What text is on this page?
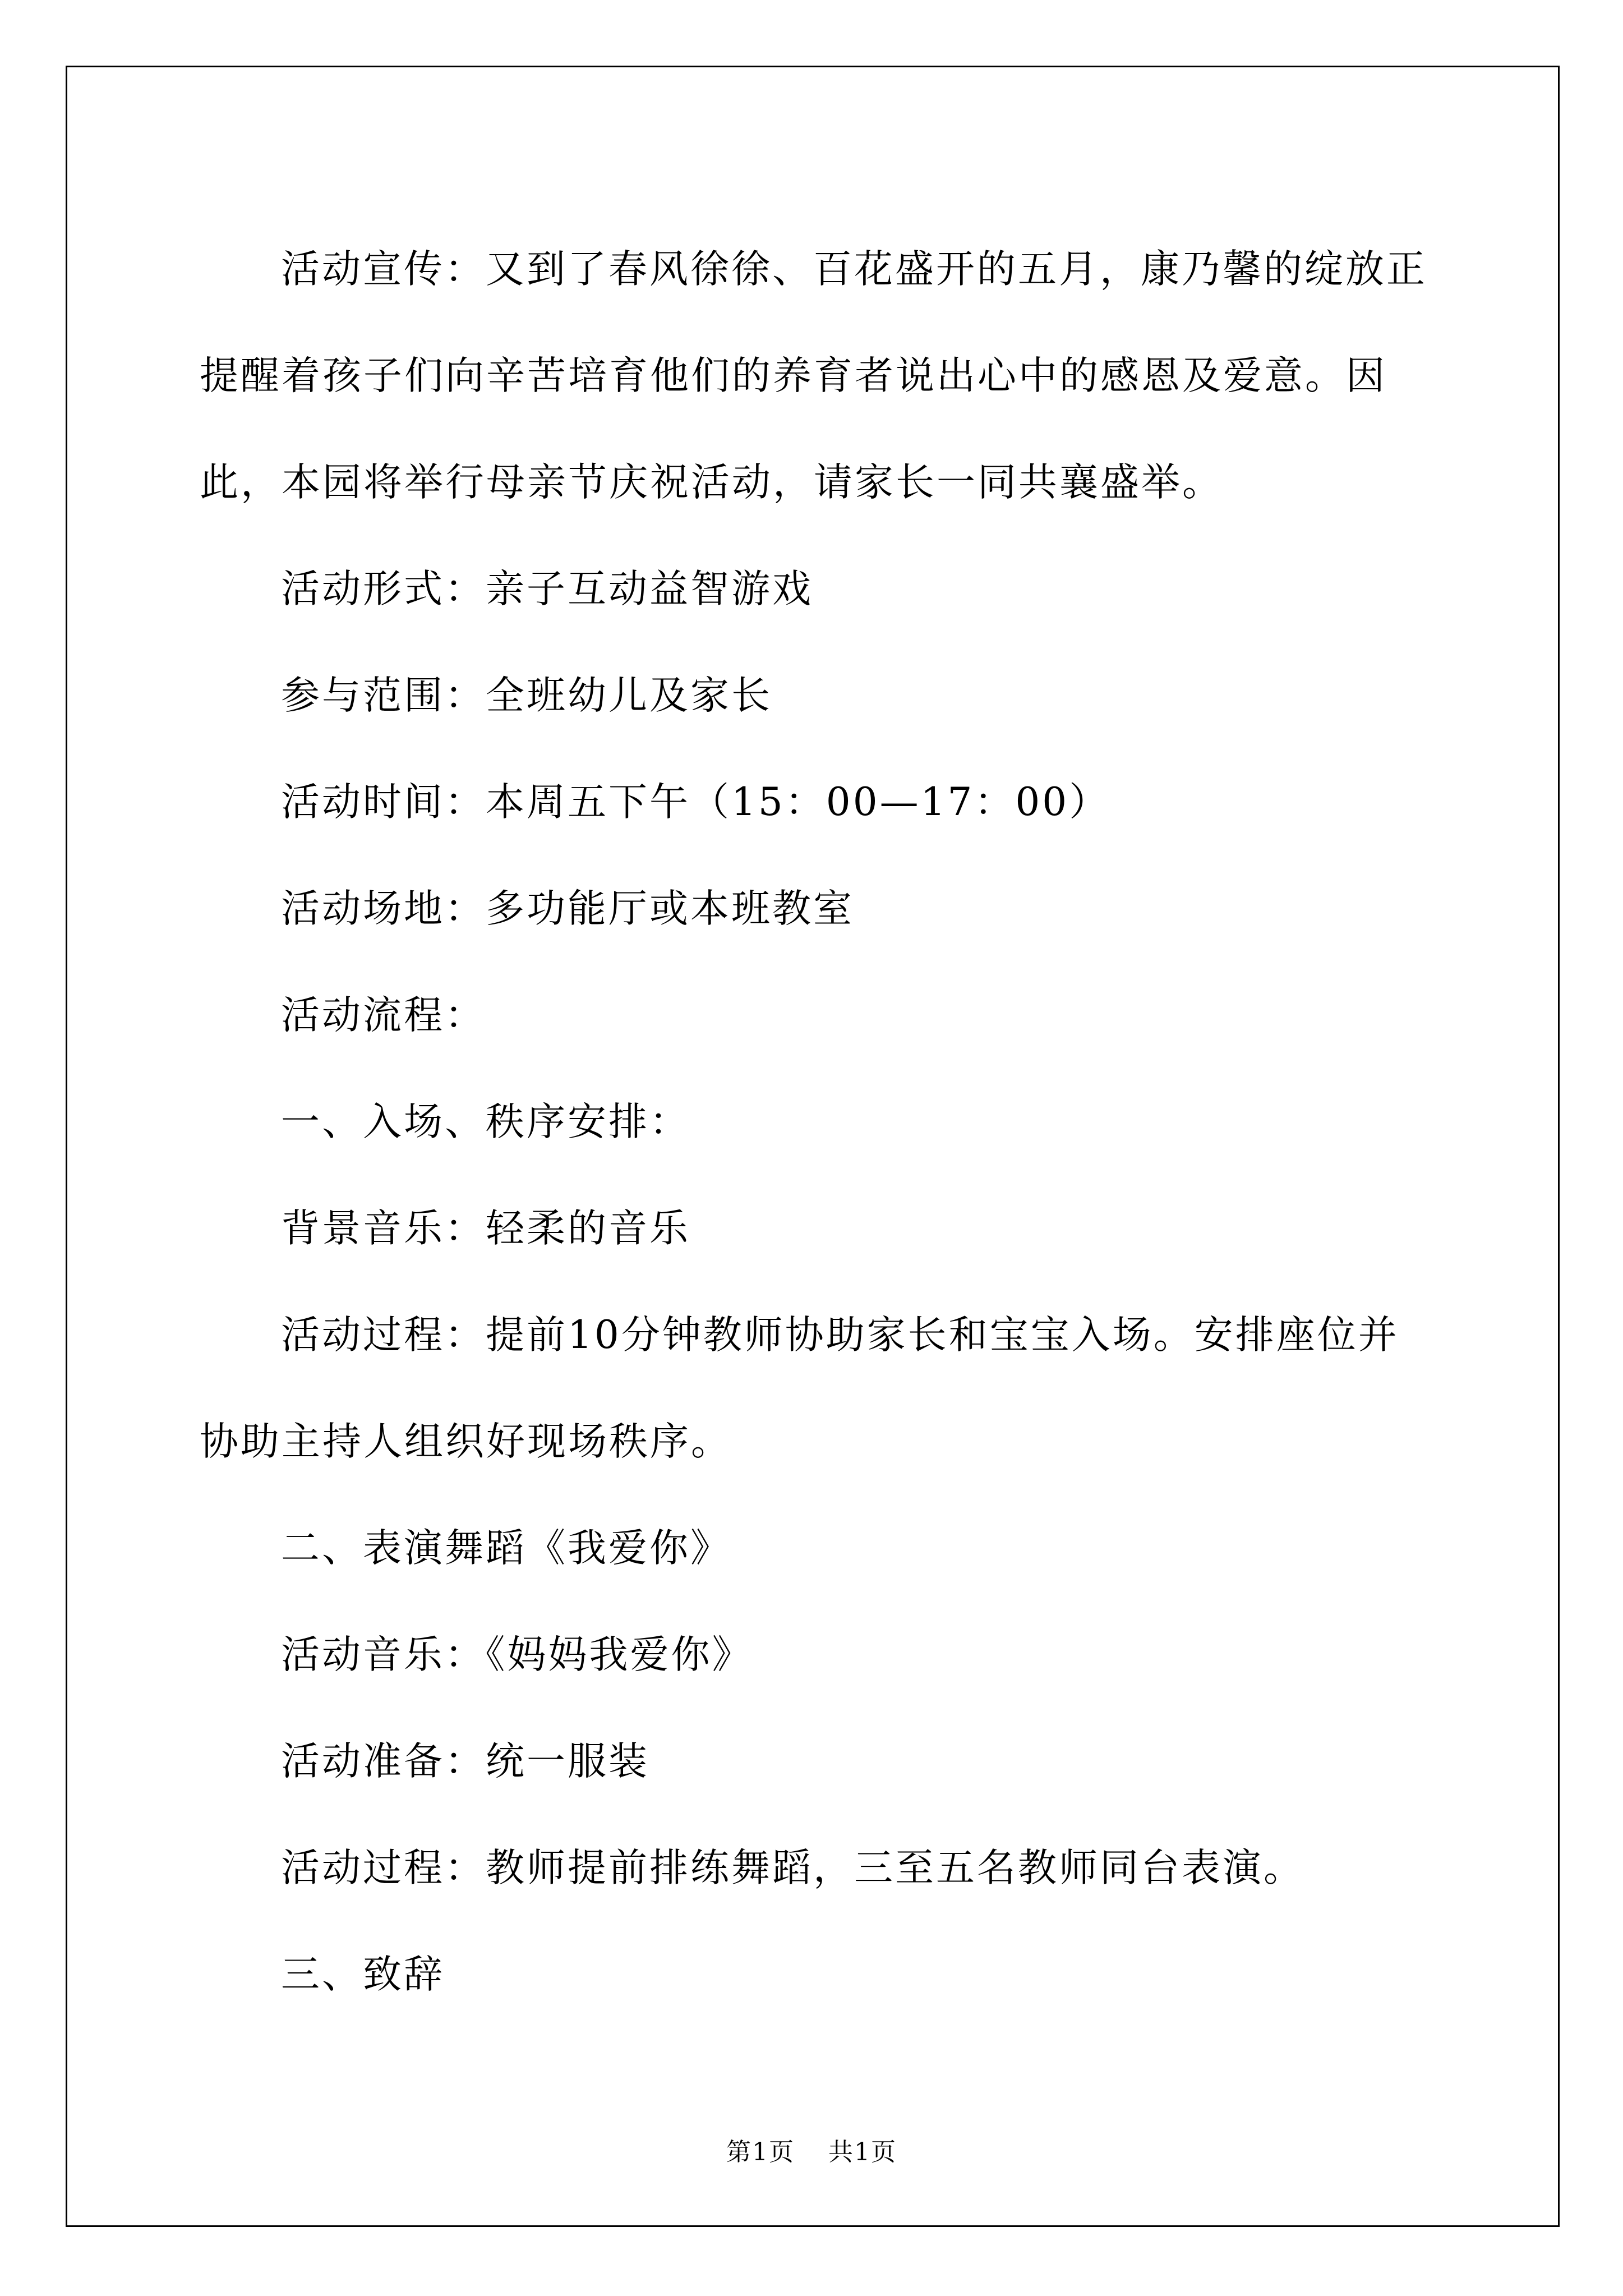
活动宣传：又到了春风徐徐、百花盛开的五月，康乃馨的绽放正提醒着孩子们向辛苦培育他们的养育者说出心中的感恩及爱意。因此，本园将举行母亲节庆祝活动，请家长一同共襄盛举。

活动形式：亲子互动益智游戏

参与范围：全班幼儿及家长

活动时间：本周五下午（15：00—17：00）

活动场地：多功能厅或本班教室

活动流程：

一、入场、秩序安排：

背景音乐：轻柔的音乐

活动过程：提前10分钟教师协助家长和宝宝入场。安排座位并协助主持人组织好现场秩序。

二、表演舞蹈《我爱你》

活动音乐：《妈妈我爱你》

活动准备：统一服装

活动过程：教师提前排练舞蹈，三至五名教师同台表演。

三、致辞

第1页 共1页
